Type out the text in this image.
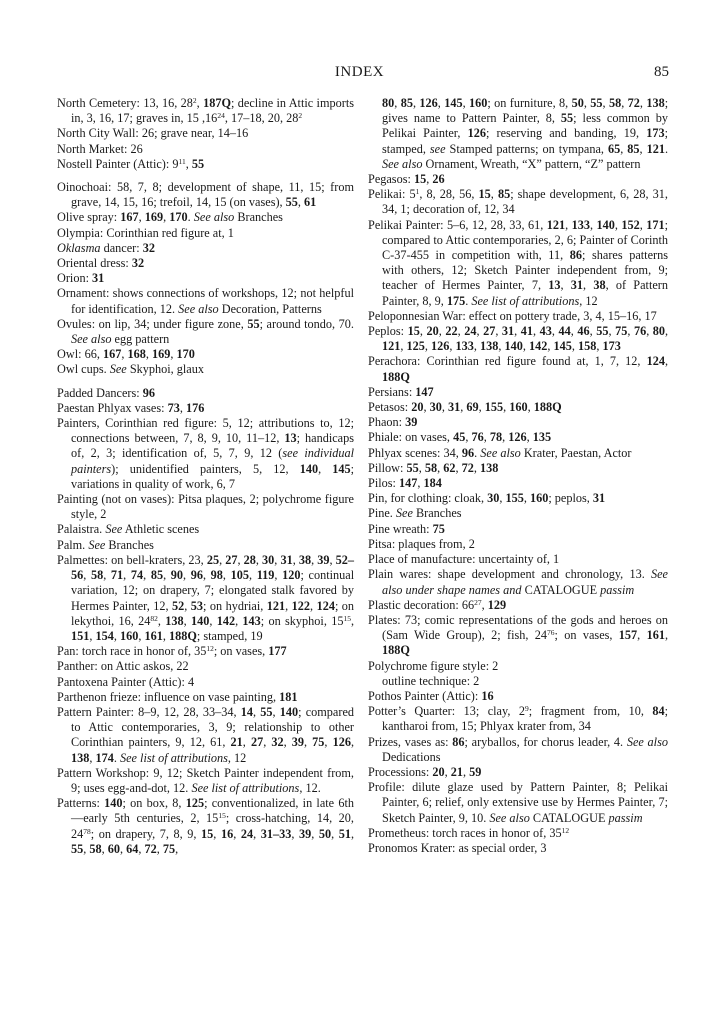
INDEX	85

North Cemetery: 13, 16, $28^2$, 187Q; decline in Attic imports in, 3, 16, 17; graves in, 15 $,16^{24}$, 17–18, 20, $28^2$

North City Wall: 26; grave near, 14–16

North Market: 26

Nostell Painter (Attic): $9^{11}$, 55

Oinochoai: 58, 7, 8; development of shape, 11, 15; from grave, 14, 15, 16; trefoil, 14, 15 (on vases), 55, 61

Olive spray: 167, 169, 170. See also Branches

Olympia: Corinthian red figure at, 1

Oklasma dancer: 32

Oriental dress: 32

Orion: 31

Ornament: shows connections of workshops, 12; not helpful for identification, 12. See also Decoration, Patterns

Ovules: on lip, 34; under figure zone, 55; around tondo, 70. See also egg pattern

Owl: 66, 167, 168, 169, 170

Owl cups. See Skyphoi, glaux

Padded Dancers: 96

Paestan Phlyax vases: 73, 176

Painters, Corinthian red figure: 5, 12; attributions to, 12; connections between, 7, 8, 9, 10, 11–12, 13; handicaps of, 2, 3; identification of, 5, 7, 9, 12 (see individual painters); unidentified painters, 5, 12, 140, 145; variations in quality of work, 6, 7

Painting (not on vases): Pitsa plaques, 2; polychrome figure style, 2

Palaistra. See Athletic scenes

Palm. See Branches

Palmettes: on bell-kraters, 23, 25, 27, 28, 30, 31, 38, 39, 52–56, 58, 71, 74, 85, 90, 96, 98, 105, 119, 120; continual variation, 12; on drapery, 7; elongated stalk favored by Hermes Painter, 12, 52, 53; on hydriai, 121, 122, 124; on lekythoi, 16, $24^{82}$, 138, 140, 142, 143; on skyphoi, $15^{15}$, 151, 154, 160, 161, 188Q; stamped, 19

Pan: torch race in honor of, $35^{12}$; on vases, 177

Panther: on Attic askos, 22

Pantoxena Painter (Attic): 4

Parthenon frieze: influence on vase painting, 181

Pattern Painter: 8–9, 12, 28, 33–34, 14, 55, 140; compared to Attic contemporaries, 3, 9; relationship to other Corinthian painters, 9, 12, 61, 21, 27, 32, 39, 75, 126, 138, 174. See list of attributions, 12

Pattern Workshop: 9, 12; Sketch Painter independent from, 9; uses egg-and-dot, 12. See list of attributions, 12.

Patterns: 140; on box, 8, 125; conventionalized, in late 6th—early 5th centuries, 2, $15^{15}$; cross-hatching, 14, 20, $24^{78}$; on drapery, 7, 8, 9, 15, 16, 24, 31–33, 39, 50, 51, 55, 58, 60, 64, 72, 75,

80, 85, 126, 145, 160; on furniture, 8, 50, 55, 58, 72, 138; gives name to Pattern Painter, 8, 55; less common by Pelikai Painter, 126; reserving and banding, 19, 173; stamped, see Stamped patterns; on tympana, 65, 85, 121. See also Ornament, Wreath, “X” pattern, “Z” pattern

Pegasos: 15, 26

Pelikai: $5^1$, 8, 28, 56, 15, 85; shape development, 6, 28, 31, 34, 1; decoration of, 12, 34

Pelikai Painter: 5–6, 12, 28, 33, 61, 121, 133, 140, 152, 171; compared to Attic contemporaries, 2, 6; Painter of Corinth C-37-455 in competition with, 11, 86; shares patterns with others, 12; Sketch Painter independent from, 9; teacher of Hermes Painter, 7, 13, 31, 38, of Pattern Painter, 8, 9, 175. See list of attributions, 12

Peloponnesian War: effect on pottery trade, 3, 4, 15–16, 17

Peplos: 15, 20, 22, 24, 27, 31, 41, 43, 44, 46, 55, 75, 76, 80, 121, 125, 126, 133, 138, 140, 142, 145, 158, 173

Perachora: Corinthian red figure found at, 1, 7, 12, 124, 188Q

Persians: 147

Petasos: 20, 30, 31, 69, 155, 160, 188Q

Phaon: 39

Phiale: on vases, 45, 76, 78, 126, 135

Phlyax scenes: 34, 96. See also Krater, Paestan, Actor

Pillow: 55, 58, 62, 72, 138

Pilos: 147, 184

Pin, for clothing: cloak, 30, 155, 160; peplos, 31

Pine. See Branches

Pine wreath: 75

Pitsa: plaques from, 2

Place of manufacture: uncertainty of, 1

Plain wares: shape development and chronology, 13. See also under shape names and CATALOGUE passim

Plastic decoration: $66^{27}$, 129

Plates: 73; comic representations of the gods and heroes on (Sam Wide Group), 2; fish, $24^{76}$; on vases, 157, 161, 188Q

Polychrome figure style: 2

outline technique: 2

Pothos Painter (Attic): 16

Potter’s Quarter: 13; clay, $2^9$; fragment from, 10, 84; kantharoi from, 15; Phlyax krater from, 34

Prizes, vases as: 86; aryballos, for chorus leader, 4. See also Dedications

Processions: 20, 21, 59

Profile: dilute glaze used by Pattern Painter, 8; Pelikai Painter, 6; relief, only extensive use by Hermes Painter, 7; Sketch Painter, 9, 10. See also CATALOGUE passim

Prometheus: torch races in honor of, $35^{12}$

Pronomos Krater: as special order, 3
